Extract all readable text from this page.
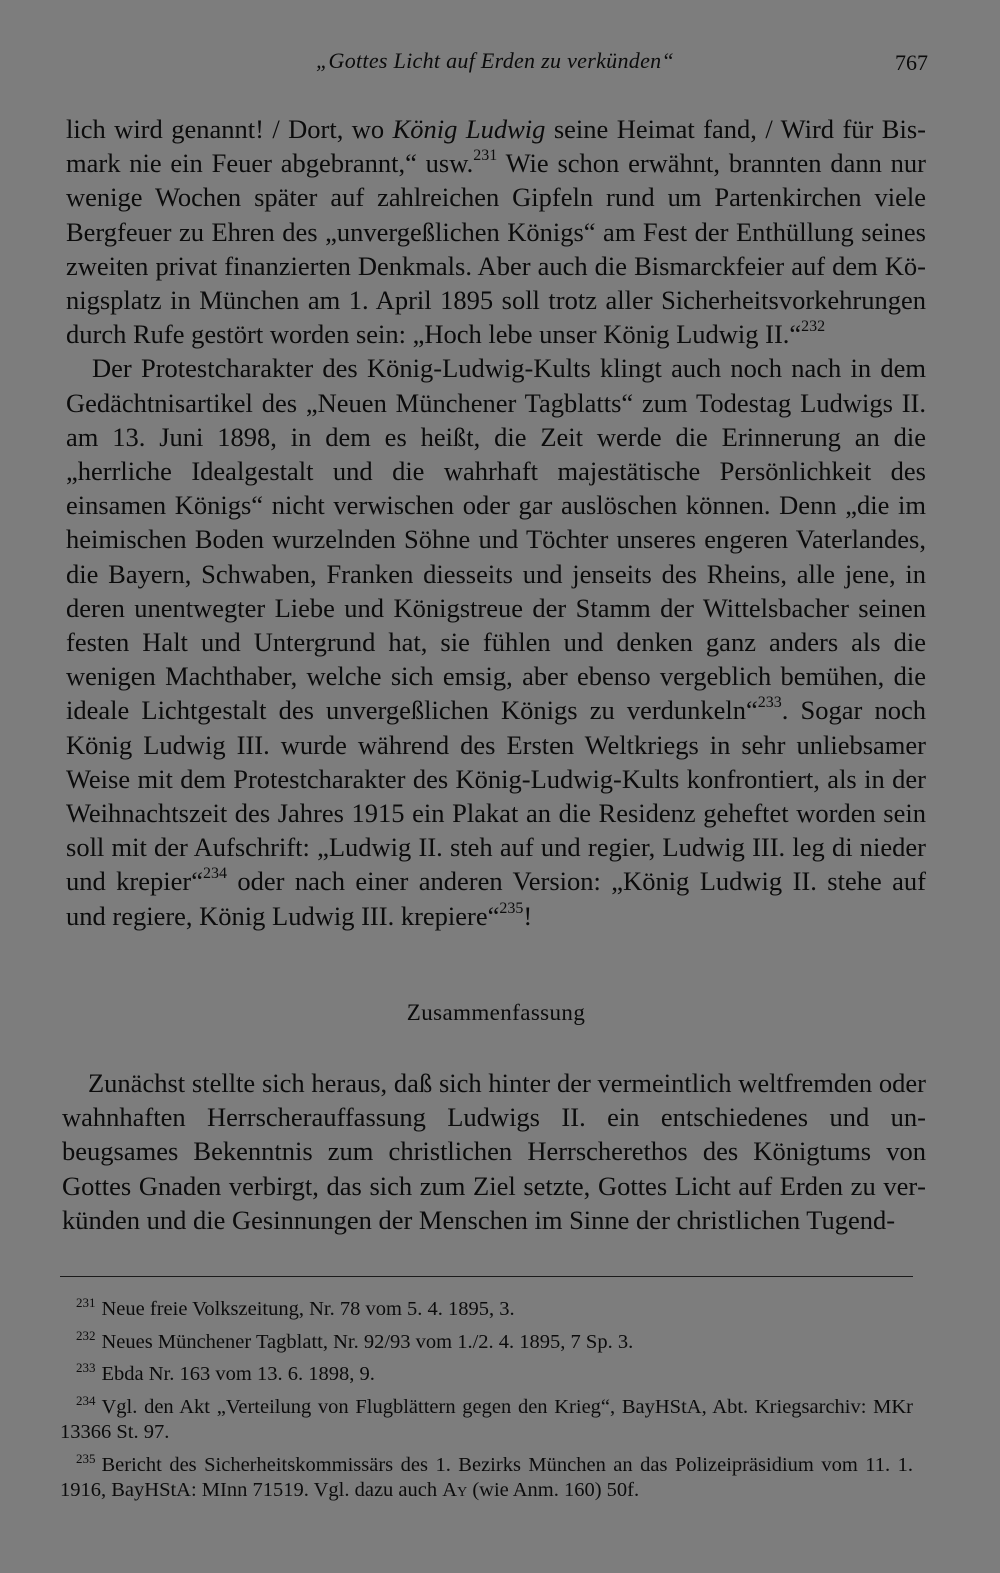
„Gottes Licht auf Erden zu verkünden“	767

lich wird genannt! / Dort, wo König Ludwig seine Heimat fand, / Wird für Bismark nie ein Feuer abgebrannt,“ usw.$^{231}$ Wie schon erwähnt, brannten dann nur wenige Wochen später auf zahlreichen Gipfeln rund um Partenkirchen viele Bergfeuer zu Ehren des „unvergeßlichen Königs“ am Fest der Enthüllung seines zweiten privat finanzierten Denkmals. Aber auch die Bismarckfeier auf dem Königsplatz in München am 1. April 1895 soll trotz aller Sicherheitsvorkehrungen durch Rufe gestört worden sein: „Hoch lebe unser König Ludwig II.“$^{232}$

Der Protestcharakter des König-Ludwig-Kults klingt auch noch nach in dem Gedächtnisartikel des „Neuen Münchener Tagblatts“ zum Todestag Ludwigs II. am 13. Juni 1898, in dem es heißt, die Zeit werde die Erinnerung an die „herrliche Idealgestalt und die wahrhaft majestätische Persönlichkeit des einsamen Königs“ nicht verwischen oder gar auslöschen können. Denn „die im heimischen Boden wurzelnden Söhne und Töchter unseres engeren Vaterlandes, die Bayern, Schwaben, Franken diesseits und jenseits des Rheins, alle jene, in deren unentwegter Liebe und Königstreue der Stamm der Wittelsbacher seinen festen Halt und Untergrund hat, sie fühlen und denken ganz anders als die wenigen Machthaber, welche sich emsig, aber ebenso vergeblich bemühen, die ideale Lichtgestalt des unvergeßlichen Königs zu verdunkeln“$^{233}$. Sogar noch König Ludwig III. wurde während des Ersten Weltkriegs in sehr unliebsamer Weise mit dem Protestcharakter des König-Ludwig-Kults konfrontiert, als in der Weihnachtszeit des Jahres 1915 ein Plakat an die Residenz geheftet worden sein soll mit der Aufschrift: „Ludwig II. steh auf und regier, Ludwig III. leg di nieder und krepier“$^{234}$ oder nach einer anderen Version: „König Ludwig II. stehe auf und regiere, König Ludwig III. krepiere“$^{235}$!

Zusammenfassung

Zunächst stellte sich heraus, daß sich hinter der vermeintlich weltfremden oder wahnhaften Herrscherauffassung Ludwigs II. ein entschiedenes und unbeugsames Bekenntnis zum christlichen Herrscherethos des Königtums von Gottes Gnaden verbirgt, das sich zum Ziel setzte, Gottes Licht auf Erden zu verkünden und die Gesinnungen der Menschen im Sinne der christlichen Tugend-

$^{231}$ Neue freie Volkszeitung, Nr. 78 vom 5. 4. 1895, 3.
$^{232}$ Neues Münchener Tagblatt, Nr. 92/93 vom 1./2. 4. 1895, 7 Sp. 3.
$^{233}$ Ebda Nr. 163 vom 13. 6. 1898, 9.
$^{234}$ Vgl. den Akt „Verteilung von Flugblättern gegen den Krieg“, BayHStA, Abt. Kriegsarchiv: MKr 13366 St. 97.
$^{235}$ Bericht des Sicherheitskommissärs des 1. Bezirks München an das Polizeipräsidium vom 11. 1. 1916, BayHStA: MInn 71519. Vgl. dazu auch Ay (wie Anm. 160) 50f.
